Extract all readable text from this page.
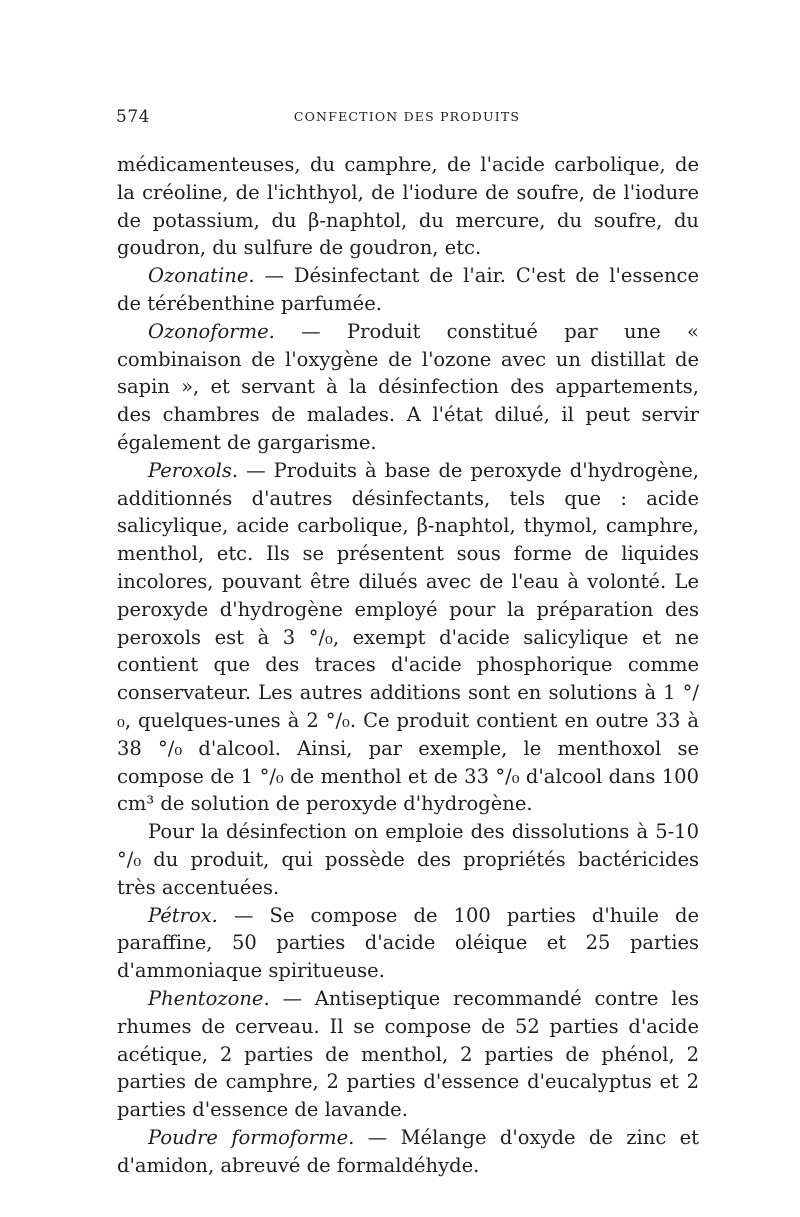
574	CONFECTION DES PRODUITS

médicamenteuses, du camphre, de l'acide carbolique, de la créoline, de l'ichthyol, de l'iodure de soufre, de l'iodure de potassium, du β-naphtol, du mercure, du soufre, du goudron, du sulfure de goudron, etc.

Ozonatine. — Désinfectant de l'air. C'est de l'essence de térébenthine parfumée.

Ozonoforme. — Produit constitué par une « combinaison de l'oxygène de l'ozone avec un distillat de sapin », et servant à la désinfection des appartements, des chambres de malades. A l'état dilué, il peut servir également de gargarisme.

Peroxols. — Produits à base de peroxyde d'hydrogène, additionnés d'autres désinfectants, tels que : acide salicylique, acide carbolique, β-naphtol, thymol, camphre, menthol, etc. Ils se présentent sous forme de liquides incolores, pouvant être dilués avec de l'eau à volonté. Le peroxyde d'hydrogène employé pour la préparation des peroxols est à 3 °/₀, exempt d'acide salicylique et ne contient que des traces d'acide phosphorique comme conservateur. Les autres additions sont en solutions à 1 °/₀, quelques-unes à 2 °/₀. Ce produit contient en outre 33 à 38 °/₀ d'alcool. Ainsi, par exemple, le menthoxol se compose de 1 °/₀ de menthol et de 33 °/₀ d'alcool dans 100 cm³ de solution de peroxyde d'hydrogène.

Pour la désinfection on emploie des dissolutions à 5-10 °/₀ du produit, qui possède des propriétés bactéricides très accentuées.

Pétrox. — Se compose de 100 parties d'huile de paraffine, 50 parties d'acide oléique et 25 parties d'ammoniaque spiritueuse.

Phentozone. — Antiseptique recommandé contre les rhumes de cerveau. Il se compose de 52 parties d'acide acétique, 2 parties de menthol, 2 parties de phénol, 2 parties de camphre, 2 parties d'essence d'eucalyptus et 2 parties d'essence de lavande.

Poudre formoforme. — Mélange d'oxyde de zinc et d'amidon, abreuvé de formaldéhyde.
